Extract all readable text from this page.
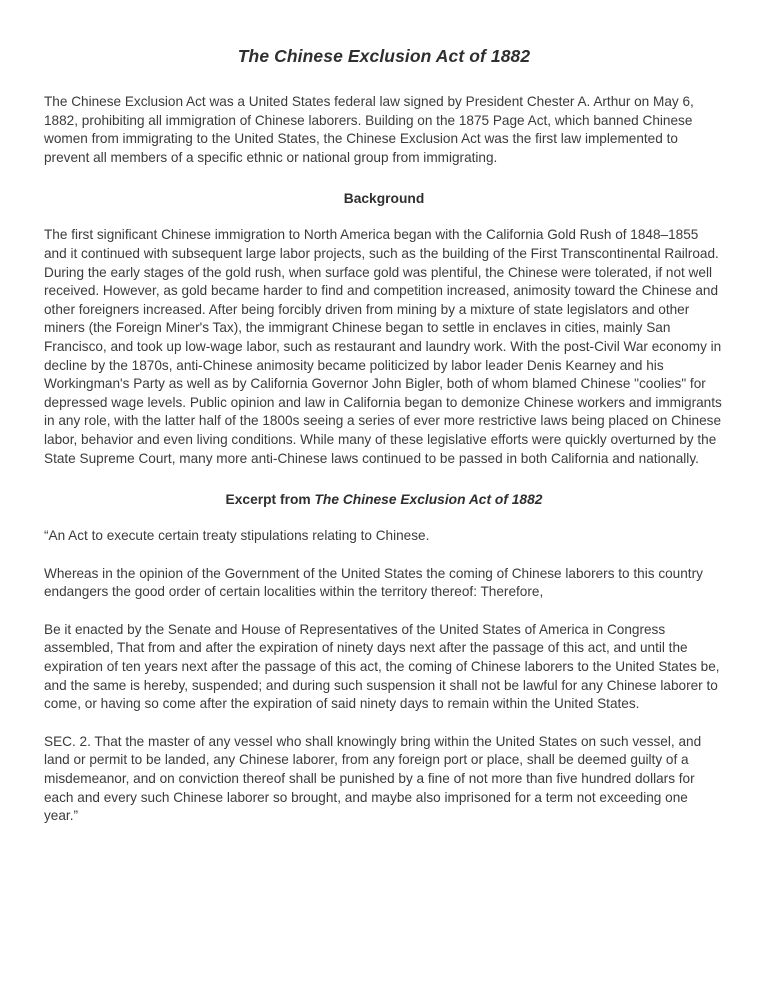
The Chinese Exclusion Act of 1882

The Chinese Exclusion Act was a United States federal law signed by President Chester A. Arthur on May 6, 1882, prohibiting all immigration of Chinese laborers. Building on the 1875 Page Act, which banned Chinese women from immigrating to the United States, the Chinese Exclusion Act was the first law implemented to prevent all members of a specific ethnic or national group from immigrating.

Background

The first significant Chinese immigration to North America began with the California Gold Rush of 1848–1855 and it continued with subsequent large labor projects, such as the building of the First Transcontinental Railroad. During the early stages of the gold rush, when surface gold was plentiful, the Chinese were tolerated, if not well received. However, as gold became harder to find and competition increased, animosity toward the Chinese and other foreigners increased. After being forcibly driven from mining by a mixture of state legislators and other miners (the Foreign Miner's Tax), the immigrant Chinese began to settle in enclaves in cities, mainly San Francisco, and took up low-wage labor, such as restaurant and laundry work. With the post-Civil War economy in decline by the 1870s, anti-Chinese animosity became politicized by labor leader Denis Kearney and his Workingman's Party as well as by California Governor John Bigler, both of whom blamed Chinese "coolies" for depressed wage levels. Public opinion and law in California began to demonize Chinese workers and immigrants in any role, with the latter half of the 1800s seeing a series of ever more restrictive laws being placed on Chinese labor, behavior and even living conditions. While many of these legislative efforts were quickly overturned by the State Supreme Court, many more anti-Chinese laws continued to be passed in both California and nationally.

Excerpt from The Chinese Exclusion Act of 1882

“An Act to execute certain treaty stipulations relating to Chinese.

Whereas in the opinion of the Government of the United States the coming of Chinese laborers to this country endangers the good order of certain localities within the territory thereof: Therefore,

Be it enacted by the Senate and House of Representatives of the United States of America in Congress assembled, That from and after the expiration of ninety days next after the passage of this act, and until the expiration of ten years next after the passage of this act, the coming of Chinese laborers to the United States be, and the same is hereby, suspended; and during such suspension it shall not be lawful for any Chinese laborer to come, or having so come after the expiration of said ninety days to remain within the United States.

SEC. 2. That the master of any vessel who shall knowingly bring within the United States on such vessel, and land or permit to be landed, any Chinese laborer, from any foreign port or place, shall be deemed guilty of a misdemeanor, and on conviction thereof shall be punished by a fine of not more than five hundred dollars for each and every such Chinese laborer so brought, and maybe also imprisoned for a term not exceeding one year.”
